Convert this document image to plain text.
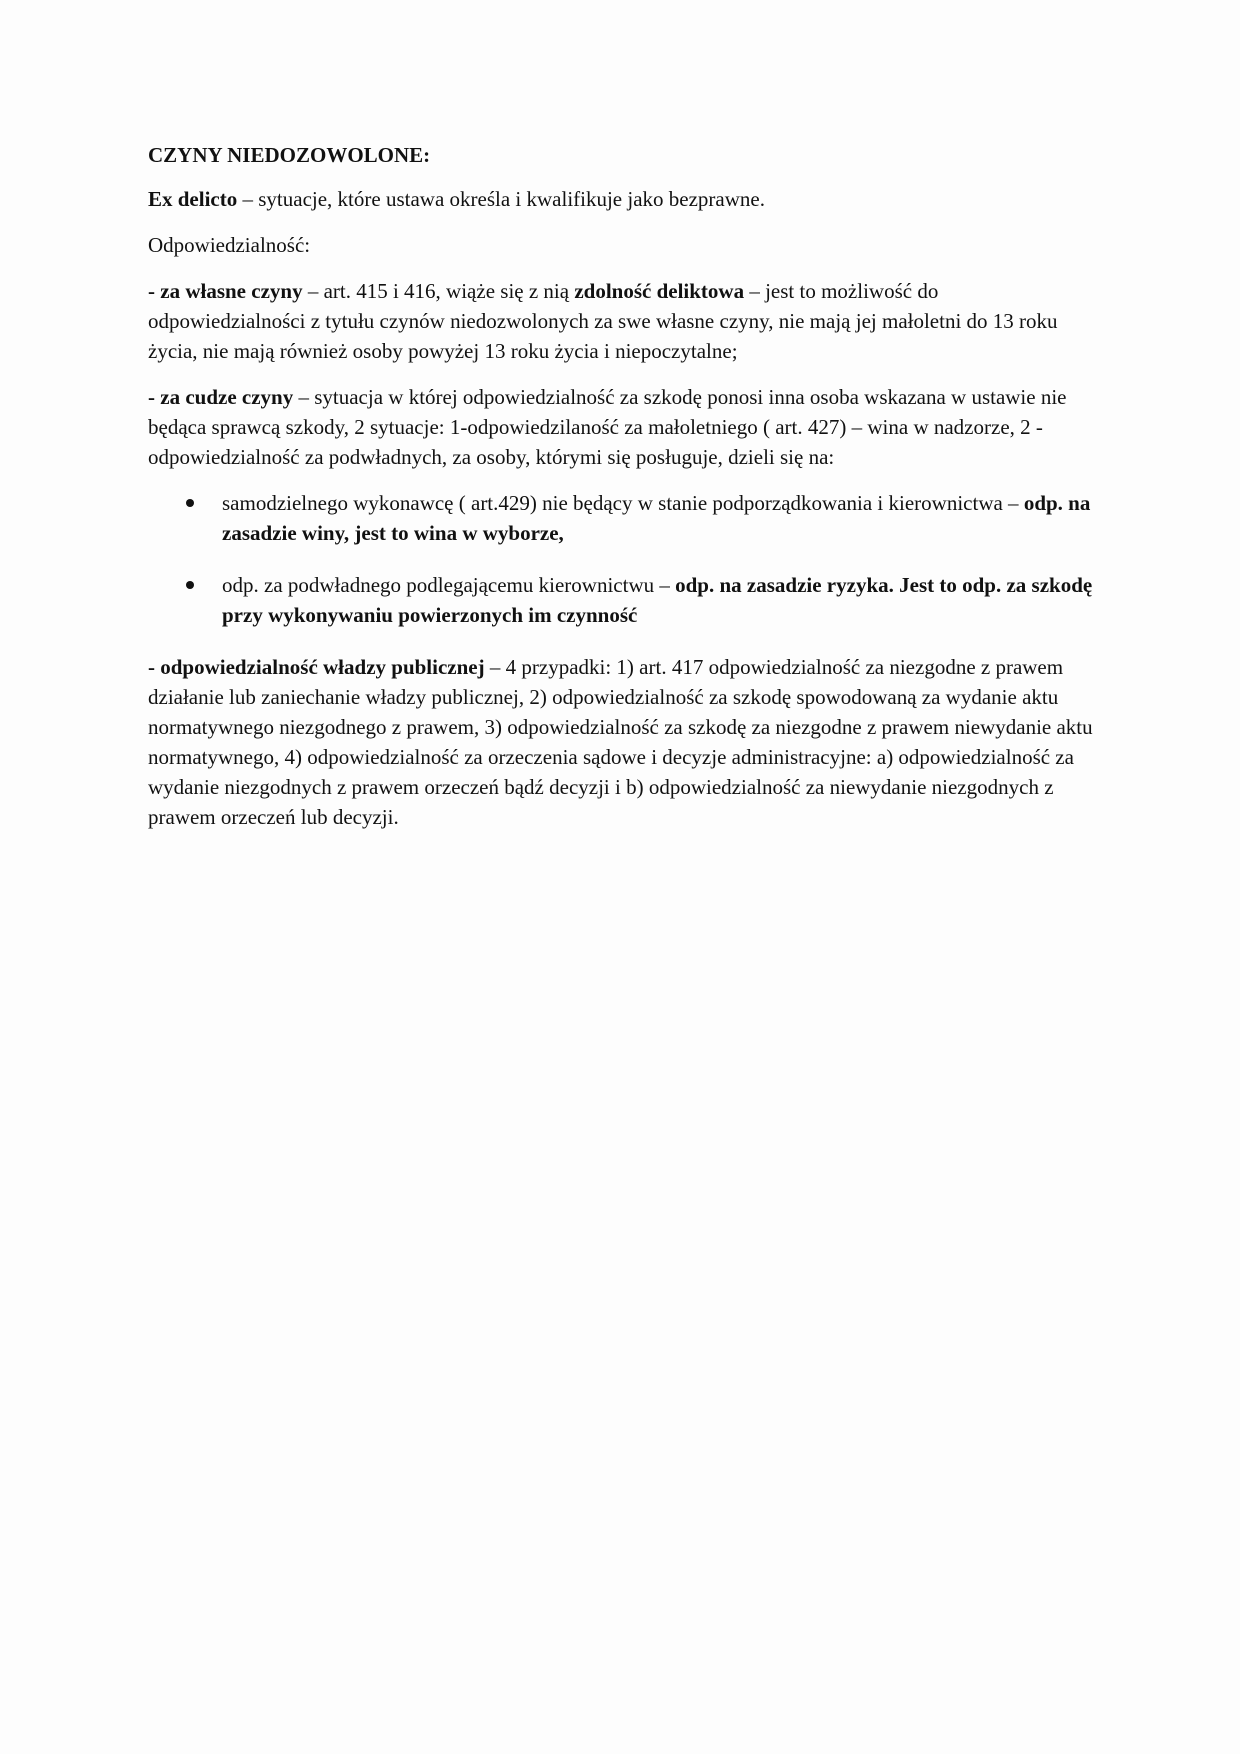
CZYNY NIEDOZOWOLONE:

Ex delicto – sytuacje, które ustawa określa i kwalifikuje jako bezprawne.

Odpowiedzialność:

- za własne czyny – art. 415 i 416, wiąże się z nią zdolność deliktowa – jest to możliwość do odpowiedzialności z tytułu czynów niedozwolonych za swe własne czyny, nie mają jej małoletni do 13 roku życia, nie mają również osoby powyżej 13 roku życia i niepoczytalne;

- za cudze czyny – sytuacja w której odpowiedzialność za szkodę ponosi inna osoba wskazana w ustawie nie będąca sprawcą szkody, 2 sytuacje: 1-odpowiedzilaność za małoletniego ( art. 427) – wina w nadzorze, 2 -odpowiedzialność za podwładnych, za osoby, którymi się posługuje, dzieli się na:

samodzielnego wykonawcę ( art.429) nie będący w stanie podporządkowania i kierownictwa – odp. na zasadzie winy, jest to wina w wyborze,
odp. za podwładnego podlegającemu kierownictwu – odp. na zasadzie ryzyka. Jest to odp. za szkodę przy wykonywaniu powierzonych im czynność

- odpowiedzialność władzy publicznej – 4 przypadki: 1) art. 417 odpowiedzialność za niezgodne z prawem działanie lub zaniechanie władzy publicznej, 2) odpowiedzialność za szkodę spowodowaną za wydanie aktu normatywnego niezgodnego z prawem, 3) odpowiedzialność za szkodę za niezgodne z prawem niewydanie aktu normatywnego, 4) odpowiedzialność za orzeczenia sądowe i decyzje administracyjne: a) odpowiedzialność za wydanie niezgodnych z prawem orzeczeń bądź decyzji i b) odpowiedzialność za niewydanie niezgodnych z prawem orzeczeń lub decyzji.
